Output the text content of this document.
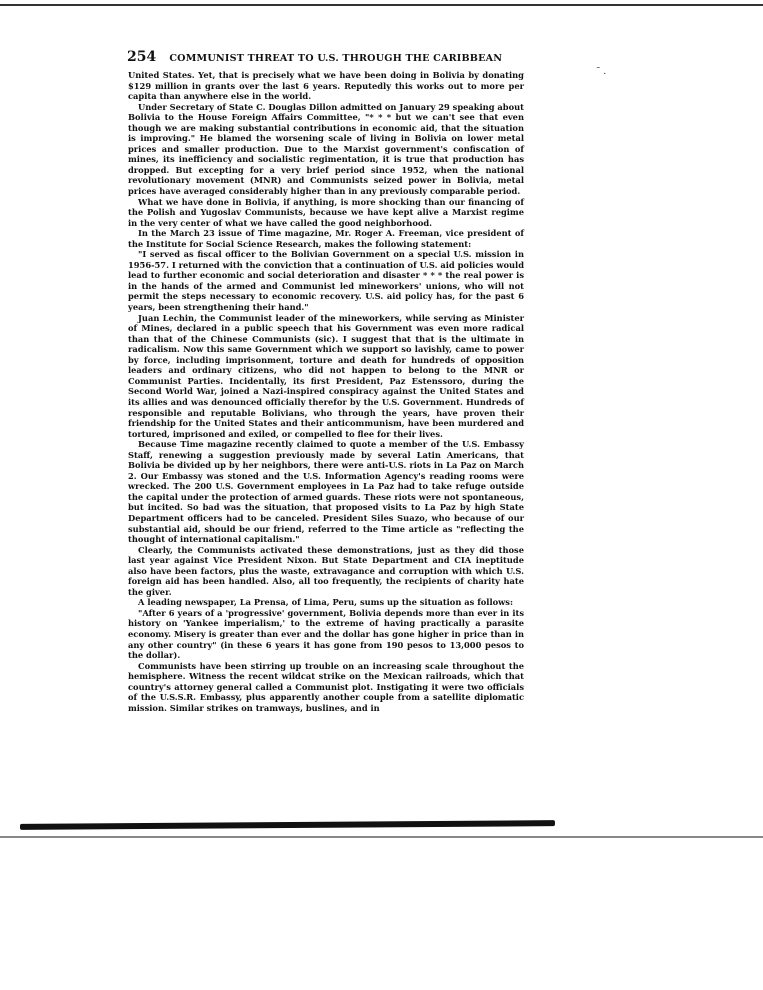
˜ .
254 COMMUNIST THREAT TO U.S. THROUGH THE CARIBBEAN

United States. Yet, that is precisely what we have been doing in Bolivia by donating $129 million in grants over the last 6 years. Reputedly this works out to more per capita than anywhere else in the world.

Under Secretary of State C. Douglas Dillon admitted on January 29 speaking about Bolivia to the House Foreign Affairs Committee, "* * * but we can't see that even though we are making substantial contributions in economic aid, that the situation is improving." He blamed the worsening scale of living in Bolivia on lower metal prices and smaller production. Due to the Marxist government's confiscation of mines, its inefficiency and socialistic regimentation, it is true that production has dropped. But excepting for a very brief period since 1952, when the national revolutionary movement (MNR) and Communists seized power in Bolivia, metal prices have averaged considerably higher than in any previously comparable period.

What we have done in Bolivia, if anything, is more shocking than our financing of the Polish and Yugoslav Communists, because we have kept alive a Marxist regime in the very center of what we have called the good neighborhood.

In the March 23 issue of Time magazine, Mr. Roger A. Freeman, vice president of the Institute for Social Science Research, makes the following statement:

"I served as fiscal officer to the Bolivian Government on a special U.S. mission in 1956-57. I returned with the conviction that a continuation of U.S. aid policies would lead to further economic and social deterioration and disaster * * * the real power is in the hands of the armed and Communist led mineworkers' unions, who will not permit the steps necessary to economic recovery. U.S. aid policy has, for the past 6 years, been strengthening their hand."

Juan Lechin, the Communist leader of the mineworkers, while serving as Minister of Mines, declared in a public speech that his Government was even more radical than that of the Chinese Communists (sic). I suggest that that is the ultimate in radicalism. Now this same Government which we support so lavishly, came to power by force, including imprisonment, torture and death for hundreds of opposition leaders and ordinary citizens, who did not happen to belong to the MNR or Communist Parties. Incidentally, its first President, Paz Estenssoro, during the Second World War, joined a Nazi-inspired conspiracy against the United States and its allies and was denounced officially therefor by the U.S. Government. Hundreds of responsible and reputable Bolivians, who through the years, have proven their friendship for the United States and their anticommunism, have been murdered and tortured, imprisoned and exiled, or compelled to flee for their lives.

Because Time magazine recently claimed to quote a member of the U.S. Embassy Staff, renewing a suggestion previously made by several Latin Americans, that Bolivia be divided up by her neighbors, there were anti-U.S. riots in La Paz on March 2. Our Embassy was stoned and the U.S. Information Agency's reading rooms were wrecked. The 200 U.S. Government employees in La Paz had to take refuge outside the capital under the protection of armed guards. These riots were not spontaneous, but incited. So bad was the situation, that proposed visits to La Paz by high State Department officers had to be canceled. President Siles Suazo, who because of our substantial aid, should be our friend, referred to the Time article as "reflecting the thought of international capitalism."

Clearly, the Communists activated these demonstrations, just as they did those last year against Vice President Nixon. But State Department and CIA ineptitude also have been factors, plus the waste, extravagance and corruption with which U.S. foreign aid has been handled. Also, all too frequently, the recipients of charity hate the giver.

A leading newspaper, La Prensa, of Lima, Peru, sums up the situation as follows:

"After 6 years of a 'progressive' government, Bolivia depends more than ever in its history on 'Yankee imperialism,' to the extreme of having practically a parasite economy. Misery is greater than ever and the dollar has gone higher in price than in any other country" (in these 6 years it has gone from 190 pesos to 13,000 pesos to the dollar).

Communists have been stirring up trouble on an increasing scale throughout the hemisphere. Witness the recent wildcat strike on the Mexican railroads, which that country's attorney general called a Communist plot. Instigating it were two officials of the U.S.S.R. Embassy, plus apparently another couple from a satellite diplomatic mission. Similar strikes on tramways, buslines, and in
